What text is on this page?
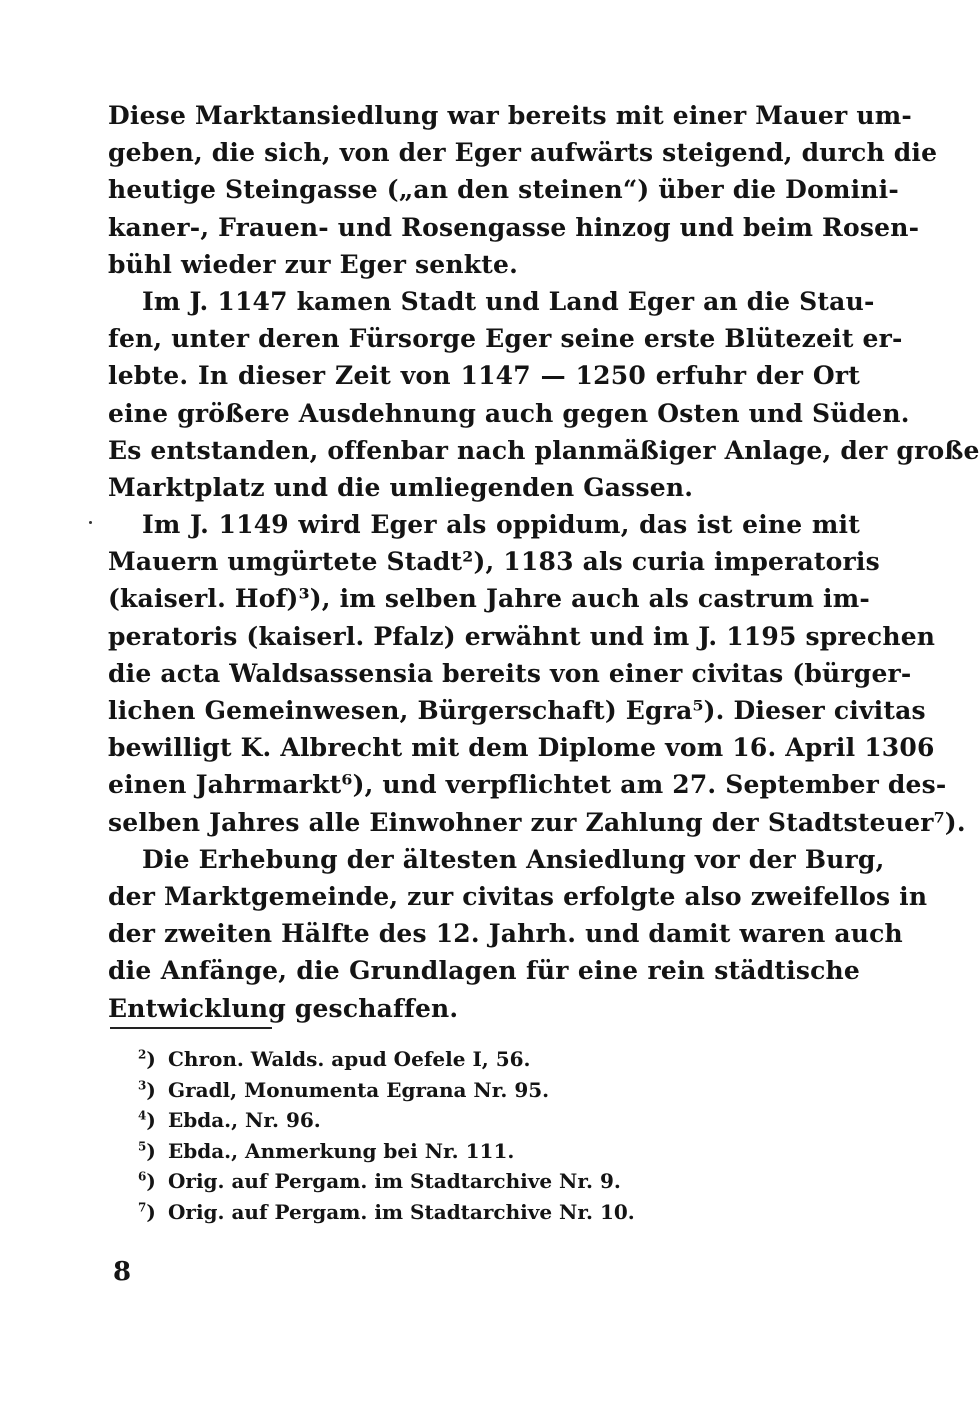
Diese Marktansiedlung war bereits mit einer Mauer um-
geben, die sich, von der Eger aufwärts steigend, durch die
heutige Steingasse („an den steinen“) über die Domini-
kaner-, Frauen- und Rosengasse hinzog und beim Rosen-
bühl wieder zur Eger senkte.
Im J. 1147 kamen Stadt und Land Eger an die Stau-
fen, unter deren Fürsorge Eger seine erste Blütezeit er-
lebte. In dieser Zeit von 1147 — 1250 erfuhr der Ort
eine größere Ausdehnung auch gegen Osten und Süden.
Es entstanden, offenbar nach planmäßiger Anlage, der große
Marktplatz und die umliegenden Gassen.
Im J. 1149 wird Eger als oppidum, das ist eine mit
Mauern umgürtete Stadt²), 1183 als curia imperatoris
(kaiserl. Hof)³), im selben Jahre auch als castrum im-
peratoris (kaiserl. Pfalz) erwähnt und im J. 1195 sprechen
die acta Waldsassensia bereits von einer civitas (bürger-
lichen Gemeinwesen, Bürgerschaft) Egra⁵). Dieser civitas
bewilligt K. Albrecht mit dem Diplome vom 16. April 1306
einen Jahrmarkt⁶), und verpflichtet am 27. September des-
selben Jahres alle Einwohner zur Zahlung der Stadtsteuer⁷).
Die Erhebung der ältesten Ansiedlung vor der Burg,
der Marktgemeinde, zur civitas erfolgte also zweifellos in
der zweiten Hälfte des 12. Jahrh. und damit waren auch
die Anfänge, die Grundlagen für eine rein städtische
Entwicklung geschaffen.
$^2$) Chron. Walds. apud Oefele I, 56.
$^3$) Gradl, Monumenta Egrana Nr. 95.
$^4$) Ebda., Nr. 96.
$^5$) Ebda., Anmerkung bei Nr. 111.
$^6$) Orig. auf Pergam. im Stadtarchive Nr. 9.
$^7$) Orig. auf Pergam. im Stadtarchive Nr. 10.
8
